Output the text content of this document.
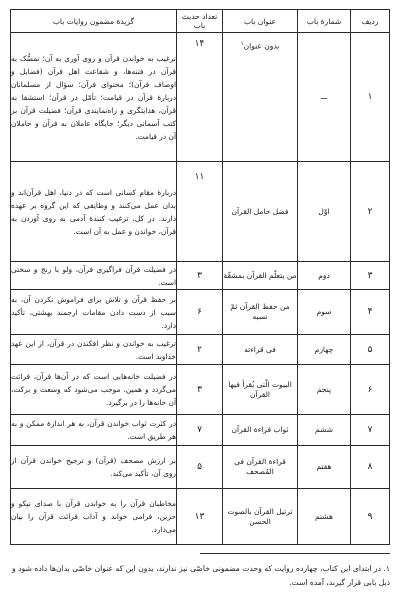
ردیف	شمارهٔ باب	عنوان باب	تعداد حدیث باب	گزیدهٔ مضمون روایات باب
۱	ـــ	بدون عنوان$^۱$	۱۴	ترغیب به خواندن قرآن و روی آوری به آن؛ تمسُّک به قرآن در فتنه‌ها، و شفاعت اهل قرآن (فضایل و اوصاف قرآن)؛ محتوای قرآن؛ سؤال از مسلمانان دربارهٔ قرآن در قیامت؛ تأمّل در قرآن؛ استشفا به قرآن، هدایتگری و راه‌نمایندی قرآن؛ فضیلت قرآن بر کتب آسمانی دیگر؛ جایگاه عاملان به قرآن و حاملان آن در قیامت.
۲	اوّل	فضل حامل القرآن	۱۱	دربارهٔ مقام کسانی است که در دنیا، اهل قرآن‌اند و بدان عمل می‌کنند و وظایفی که این گروه بر عهده دارند. در کل، ترغیب کنندهٔ آدمی به روی آوردن به قرآن، خواندن و عمل به آن است.
۳	دوم	من یتعلّم القرآن بمشقّة	۳	در فضیلت قرآن فراگیری قرآن، ولو با رنج و سختی است.
۴	سوم	من حفظ القرآن ثمّ نسیه	۶	بر حفظ قرآن و تلاش برای فراموش نکردن آن، به سبب از دست دادن مقامات ارجمند بهشتی، تأکید دارد.
۵	چهارم	فی قراءته	۲	ترغیب به خواندن و نظر افکندن در قرآن، از این عهد خداوند است.
۶	پنجم	البیوت الّتی یُقرأ فیها القرآن	۳	در فضیلت خانه‌هایی است که در آن‌ها قرآن، قرائت می‌گردد و همین، موجب می‌شود که وسعت و برکت، آن خانه‌ها را در برگیرد.
۷	ششم	ثواب قراءة القرآن	۷	در کثرت ثواب خواندن قرآن، به هر اندازهٔ ممکن و به هر طریق است.
۸	هفتم	قراءة القرآن فی المُصحف	۵	بر ارزش مصحف (قرآن) و ترجیح خواندن قرآن از روی آن، تأکید می‌کند.
۹	هشتم	ترتیل القرآن بالصوت الحسن	۱۳	مخاطبان قرآن را به خواندن قرآن با صدای نیکو و حزین، فرامی خواند و آداب قرائت قرآن را بیان می‌دارد.
۱. در ابتدای این کتاب، چهارده روایت که وحدت مضمونی خاصّی نیز ندارند، بدون این که عنوان خاصّی بدان‌ها داده شود و ذیل بابی قرار گیرند، آمده است.
